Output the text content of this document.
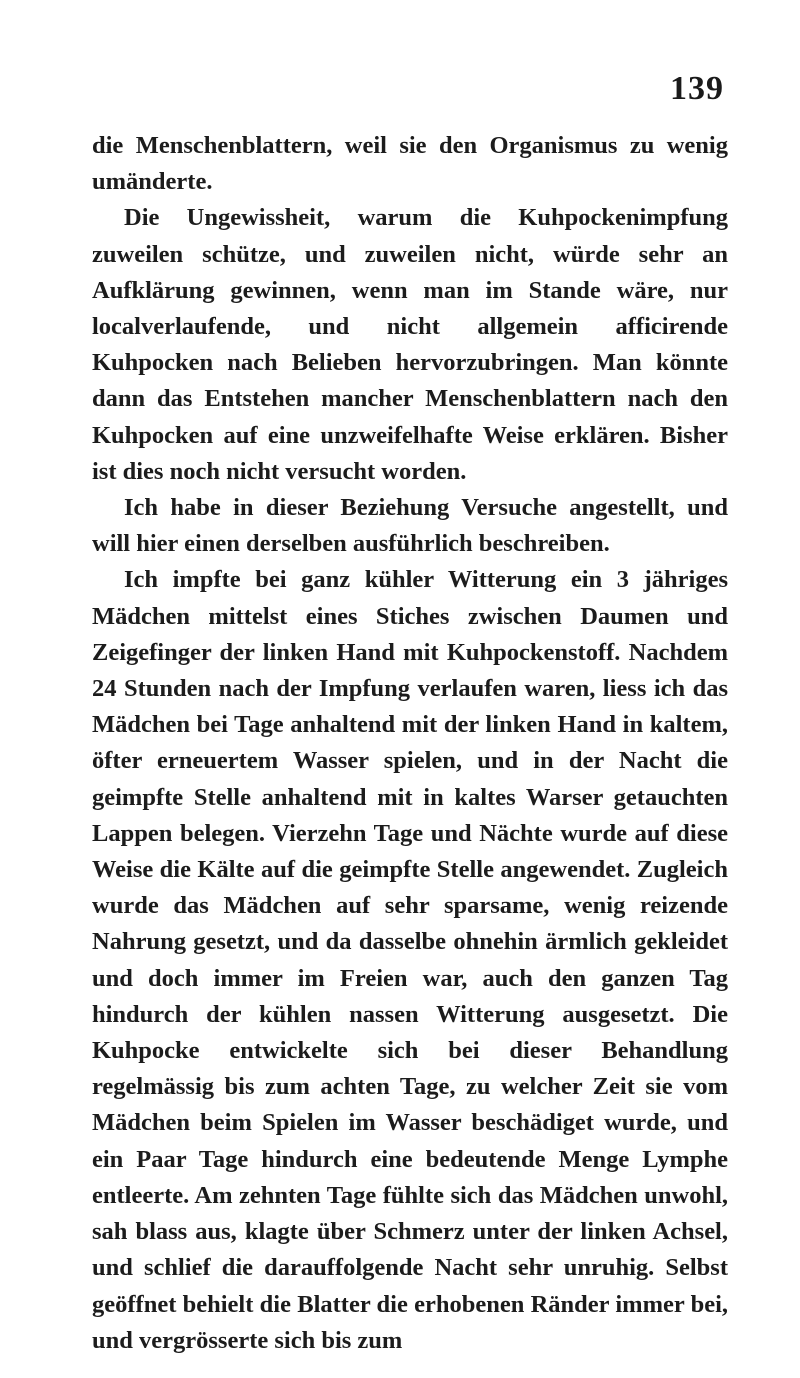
139

die Menschenblattern, weil sie den Organismus zu wenig umänderte.

Die Ungewissheit, warum die Kuhpockenimpfung zuweilen schütze, und zuweilen nicht, würde sehr an Aufklärung gewinnen, wenn man im Stande wäre, nur localverlaufende, und nicht allgemein afficirende Kuhpocken nach Belieben hervorzubringen. Man könnte dann das Entstehen mancher Menschenblattern nach den Kuhpocken auf eine unzweifelhafte Weise erklären. Bisher ist dies noch nicht versucht worden.

Ich habe in dieser Beziehung Versuche angestellt, und will hier einen derselben ausführlich beschreiben.

Ich impfte bei ganz kühler Witterung ein 3 jähriges Mädchen mittelst eines Stiches zwischen Daumen und Zeigefinger der linken Hand mit Kuhpockenstoff. Nachdem 24 Stunden nach der Impfung verlaufen waren, liess ich das Mädchen bei Tage anhaltend mit der linken Hand in kaltem, öfter erneuertem Wasser spielen, und in der Nacht die geimpfte Stelle anhaltend mit in kaltes Warser getauchten Lappen belegen. Vierzehn Tage und Nächte wurde auf diese Weise die Kälte auf die geimpfte Stelle angewendet. Zugleich wurde das Mädchen auf sehr sparsame, wenig reizende Nahrung gesetzt, und da dasselbe ohnehin ärmlich gekleidet und doch immer im Freien war, auch den ganzen Tag hindurch der kühlen nassen Witterung ausgesetzt. Die Kuhpocke entwickelte sich bei dieser Behandlung regelmässig bis zum achten Tage, zu welcher Zeit sie vom Mädchen beim Spielen im Wasser beschädiget wurde, und ein Paar Tage hindurch eine bedeutende Menge Lymphe entleerte. Am zehnten Tage fühlte sich das Mädchen unwohl, sah blass aus, klagte über Schmerz unter der linken Achsel, und schlief die darauffolgende Nacht sehr unruhig. Selbst geöffnet behielt die Blatter die erhobenen Ränder immer bei, und vergrösserte sich bis zum
